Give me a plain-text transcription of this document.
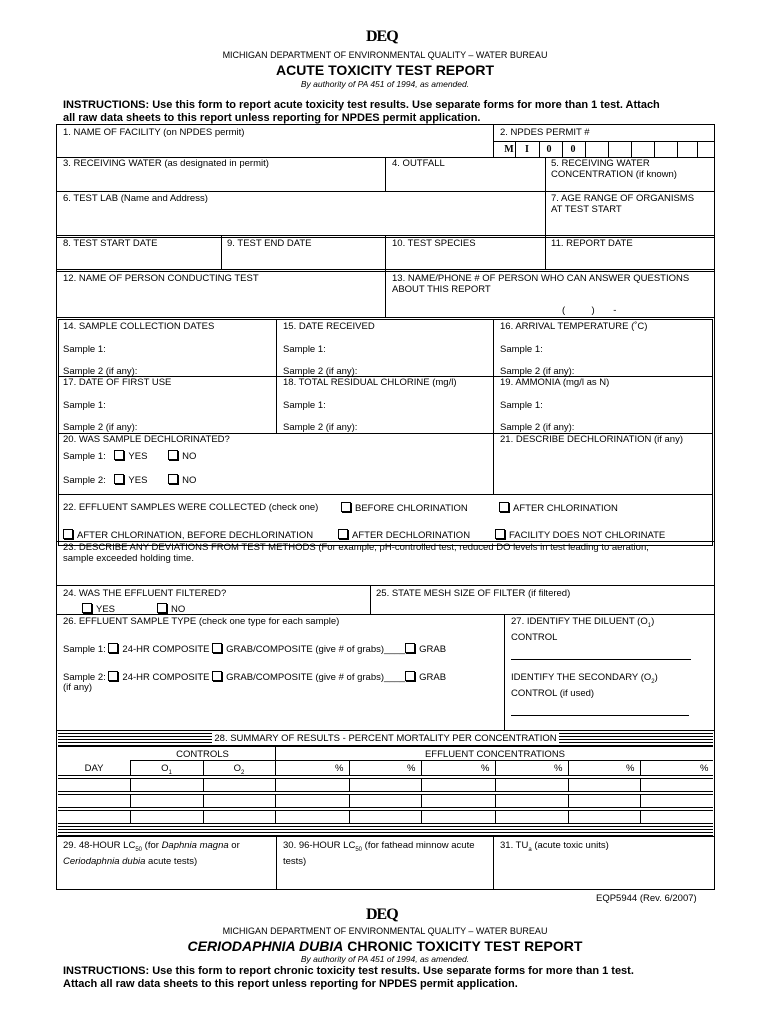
DEQ
MICHIGAN DEPARTMENT OF ENVIRONMENTAL QUALITY – WATER BUREAU
ACUTE TOXICITY TEST REPORT
By authority of PA 451 of 1994, as amended.
INSTRUCTIONS: Use this form to report acute toxicity test results. Use separate forms for more than 1 test. Attach
all raw data sheets to this report unless reporting for NPDES permit application.
1. NAME OF FACILITY (on NPDES permit)	2. NPDES PERMIT #
M	I	0	0
3. RECEIVING WATER (as designated in permit)	4. OUTFALL	5. RECEIVING WATER
CONCENTRATION (if known)
6. TEST LAB (Name and Address)	7. AGE RANGE OF ORGANISMS
AT TEST START
8. TEST START DATE	9. TEST END DATE	10. TEST SPECIES	11. REPORT DATE
12. NAME OF PERSON CONDUCTING TEST	13. NAME/PHONE # OF PERSON WHO CAN ANSWER QUESTIONS
ABOUT THIS REPORT
(          )       -
14. SAMPLE COLLECTION DATES	15. DATE RECEIVED	16. ARRIVAL TEMPERATURE (˚C)
Sample 1:	Sample 1:	Sample 1:
Sample 2 (if any):	Sample 2 (if any):	Sample 2 (if any):
17. DATE OF FIRST USE	18. TOTAL RESIDUAL CHLORINE (mg/l)	19. AMMONIA (mg/l as N)
Sample 1:	Sample 1:	Sample 1:
Sample 2 (if any):	Sample 2 (if any):	Sample 2 (if any):
20. WAS SAMPLE DECHLORINATED?	21. DESCRIBE DECHLORINATION (if any)
Sample 1: YES	NO
Sample 2: YES	NO
22. EFFLUENT SAMPLES WERE COLLECTED (check one)	BEFORE CHLORINATION	AFTER CHLORINATION
AFTER CHLORINATION, BEFORE DECHLORINATION	AFTER DECHLORINATION	FACILITY DOES NOT CHLORINATE
23. DESCRIBE ANY DEVIATIONS FROM TEST METHODS (For example, pH-controlled test, reduced DO levels in test leading to aeration,
sample exceeded holding time.
24. WAS THE EFFLUENT FILTERED?	25. STATE MESH SIZE OF FILTER (if filtered)
YES	NO
26. EFFLUENT SAMPLE TYPE (check one type for each sample)	27. IDENTIFY THE DILUENT $(O_1)$
CONTROL
IDENTIFY THE SECONDARY $(O_2)$
CONTROL (if used)
Sample 1: 24-HR COMPOSITE GRAB/COMPOSITE (give # of grabs)____ GRAB
Sample 2: 24-HR COMPOSITE GRAB/COMPOSITE (give # of grabs)____ GRAB
(if any)
28. SUMMARY OF RESULTS - PERCENT MORTALITY PER CONCENTRATION
CONTROLS	EFFLUENT CONCENTRATIONS
DAY	$O_1$	$O_2$	%	%	%	%	%	%
29. 48-HOUR $LC_{50}$ (for Daphnia magna or
Ceriodaphnia dubia acute tests)
30. 96-HOUR $LC_{50}$ (for fathead minnow acute
tests)
31. $TU_a$ (acute toxic units)
EQP5944 (Rev. 6/2007)
DEQ
MICHIGAN DEPARTMENT OF ENVIRONMENTAL QUALITY – WATER BUREAU
CERIODAPHNIA DUBIA CHRONIC TOXICITY TEST REPORT
By authority of PA 451 of 1994, as amended.
INSTRUCTIONS: Use this form to report chronic toxicity test results. Use separate forms for more than 1 test.
Attach all raw data sheets to this report unless reporting for NPDES permit application.
